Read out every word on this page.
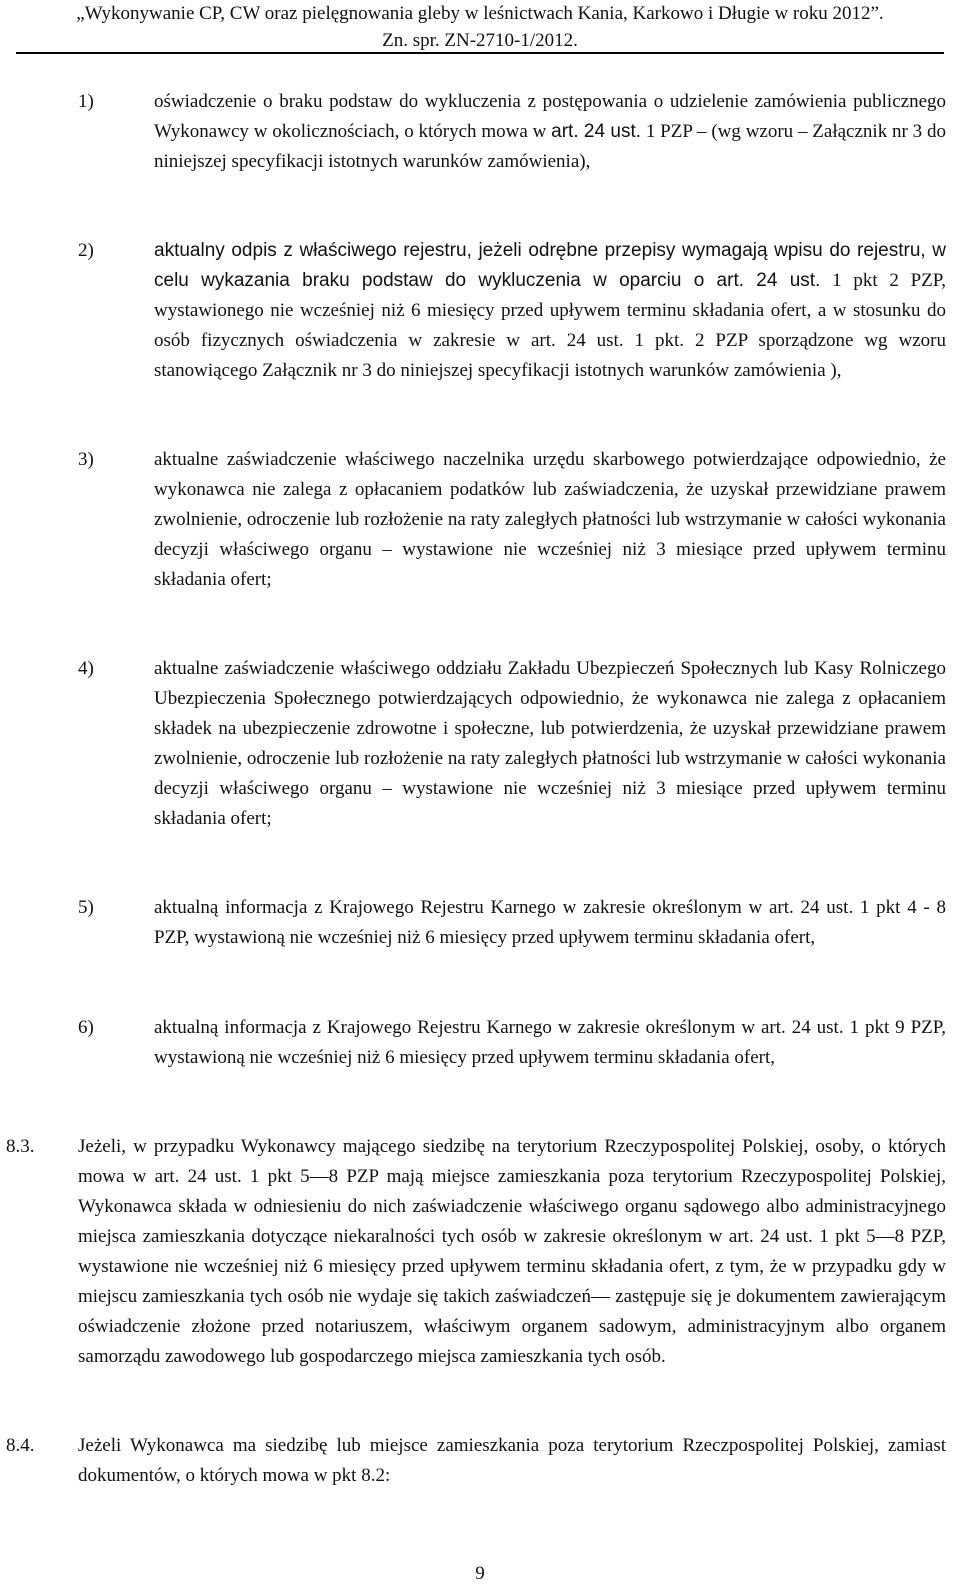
„Wykonywanie CP, CW oraz pielęgnowania gleby w leśnictwach Kania, Karkowo i Długie w roku 2012”.
Zn. spr. ZN-2710-1/2012.
1)	oświadczenie o braku podstaw do wykluczenia z postępowania o udzielenie zamówienia publicznego Wykonawcy w okolicznościach, o których mowa w art. 24 ust. 1 PZP – (wg wzoru – Załącznik nr 3 do niniejszej specyfikacji istotnych warunków zamówienia),
2)	aktualny odpis z właściwego rejestru, jeżeli odrębne przepisy wymagają wpisu do rejestru, w celu wykazania braku podstaw do wykluczenia w oparciu o art. 24 ust. 1 pkt 2 PZP, wystawionego nie wcześniej niż 6 miesięcy przed upływem terminu składania ofert, a w stosunku do osób fizycznych oświadczenia w zakresie w art. 24 ust. 1 pkt. 2 PZP sporządzone wg wzoru stanowiącego Załącznik nr 3 do niniejszej specyfikacji istotnych warunków zamówienia ),
3)	aktualne zaświadczenie właściwego naczelnika urzędu skarbowego potwierdzające odpowiednio, że wykonawca nie zalega z opłacaniem podatków lub zaświadczenia, że uzyskał przewidziane prawem zwolnienie, odroczenie lub rozłożenie na raty zaległych płatności lub wstrzymanie w całości wykonania decyzji właściwego organu – wystawione nie wcześniej niż 3 miesiące przed upływem terminu składania ofert;
4)	aktualne zaświadczenie właściwego oddziału Zakładu Ubezpieczeń Społecznych lub Kasy Rolniczego Ubezpieczenia Społecznego potwierdzających odpowiednio, że wykonawca nie zalega z opłacaniem składek na ubezpieczenie zdrowotne i społeczne, lub potwierdzenia, że uzyskał przewidziane prawem zwolnienie, odroczenie lub rozłożenie na raty zaległych płatności lub wstrzymanie w całości wykonania decyzji właściwego organu – wystawione nie wcześniej niż 3 miesiące przed upływem terminu składania ofert;
5)	aktualną informacja z Krajowego Rejestru Karnego w zakresie określonym w art. 24 ust. 1 pkt 4 - 8 PZP, wystawioną nie wcześniej niż 6 miesięcy przed upływem terminu składania ofert,
6)	aktualną informacja z Krajowego Rejestru Karnego w zakresie określonym w art. 24 ust. 1 pkt 9 PZP, wystawioną nie wcześniej niż 6 miesięcy przed upływem terminu składania ofert,
8.3. Jeżeli, w przypadku Wykonawcy mającego siedzibę na terytorium Rzeczypospolitej Polskiej, osoby, o których mowa w art. 24 ust. 1 pkt 5—8 PZP mają miejsce zamieszkania poza terytorium Rzeczypospolitej Polskiej, Wykonawca składa w odniesieniu do nich zaświadczenie właściwego organu sądowego albo administracyjnego miejsca zamieszkania dotyczące niekaralności tych osób w zakresie określonym w art. 24 ust. 1 pkt 5—8 PZP, wystawione nie wcześniej niż 6 miesięcy przed upływem terminu składania ofert, z tym, że w przypadku gdy w miejscu zamieszkania tych osób nie wydaje się takich zaświadczeń— zastępuje się je dokumentem zawierającym oświadczenie złożone przed notariuszem, właściwym organem sadowym, administracyjnym albo organem samorządu zawodowego lub gospodarczego miejsca zamieszkania tych osób.
8.4. Jeżeli Wykonawca ma siedzibę lub miejsce zamieszkania poza terytorium Rzeczpospolitej Polskiej, zamiast dokumentów, o których mowa w pkt 8.2:
9
